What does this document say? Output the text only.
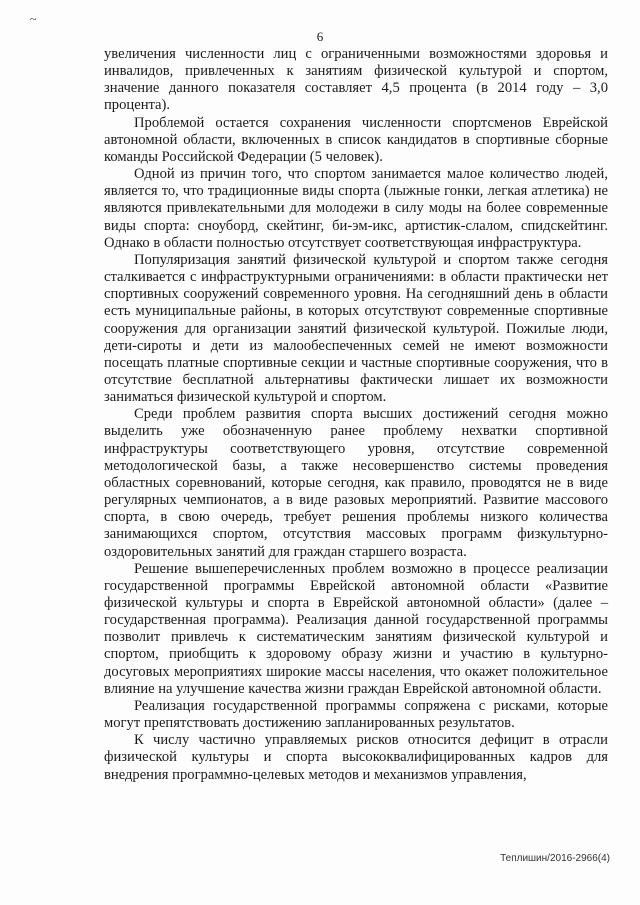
~
6

увеличения численности лиц с ограниченными возможностями здоровья и инвалидов, привлеченных к занятиям физической культурой и спортом, значение данного показателя составляет 4,5 процента (в 2014 году – 3,0 процента).

Проблемой остается сохранения численности спортсменов Еврейской автономной области, включенных в список кандидатов в спортивные сборные команды Российской Федерации (5 человек).

Одной из причин того, что спортом занимается малое количество людей, является то, что традиционные виды спорта (лыжные гонки, легкая атлетика) не являются привлекательными для молодежи в силу моды на более современные виды спорта: сноуборд, скейтинг, би-эм-икс, артистик-слалом, спидскейтинг. Однако в области полностью отсутствует соответствующая инфраструктура.

Популяризация занятий физической культурой и спортом также сегодня сталкивается с инфраструктурными ограничениями: в области практически нет спортивных сооружений современного уровня. На сегодняшний день в области есть муниципальные районы, в которых отсутствуют современные спортивные сооружения для организации занятий физической культурой. Пожилые люди, дети-сироты и дети из малообеспеченных семей не имеют возможности посещать платные спортивные секции и частные спортивные сооружения, что в отсутствие бесплатной альтернативы фактически лишает их возможности заниматься физической культурой и спортом.

Среди проблем развития спорта высших достижений сегодня можно выделить уже обозначенную ранее проблему нехватки спортивной инфраструктуры соответствующего уровня, отсутствие современной методологической базы, а также несовершенство системы проведения областных соревнований, которые сегодня, как правило, проводятся не в виде регулярных чемпионатов, а в виде разовых мероприятий. Развитие массового спорта, в свою очередь, требует решения проблемы низкого количества занимающихся спортом, отсутствия массовых программ физкультурно-оздоровительных занятий для граждан старшего возраста.

Решение вышеперечисленных проблем возможно в процессе реализации государственной программы Еврейской автономной области «Развитие физической культуры и спорта в Еврейской автономной области» (далее – государственная программа). Реализация данной государственной программы позволит привлечь к систематическим занятиям физической культурой и спортом, приобщить к здоровому образу жизни и участию в культурно-досуговых мероприятиях широкие массы населения, что окажет положительное влияние на улучшение качества жизни граждан Еврейской автономной области.

Реализация государственной программы сопряжена с рисками, которые могут препятствовать достижению запланированных результатов.

К числу частично управляемых рисков относится дефицит в отрасли физической культуры и спорта высококвалифицированных кадров для внедрения программно-целевых методов и механизмов управления,

Теплишин/2016-2966(4)
